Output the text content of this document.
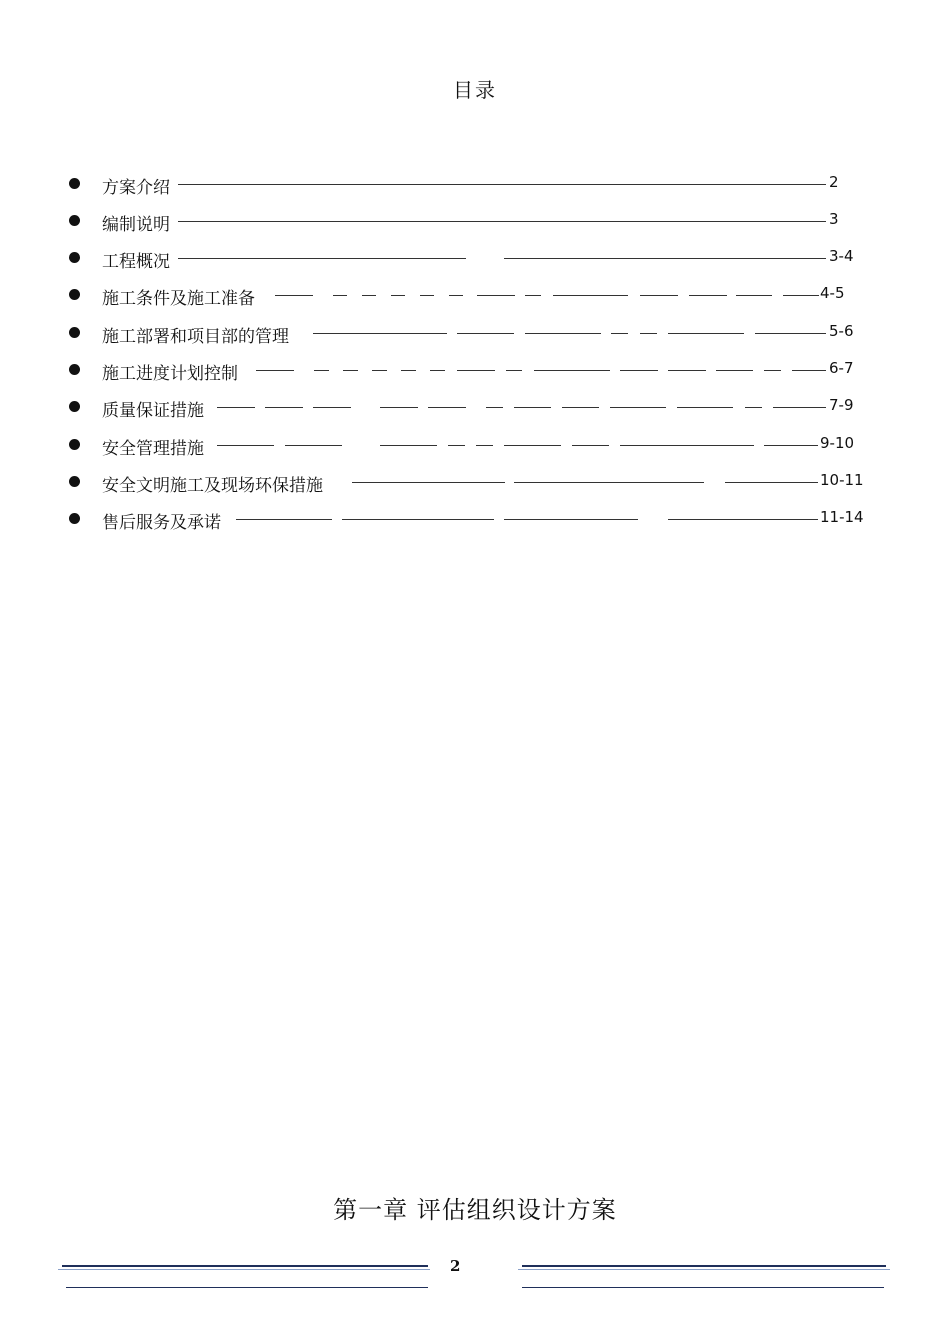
目录
方案介绍	2
编制说明	3
工程概况	3-4
施工条件及施工准备	4-5
施工部署和项目部的管理	5-6
施工进度计划控制	6-7
质量保证措施	7-9
安全管理措施	9-10
安全文明施工及现场环保措施	10-11
售后服务及承诺	11-14
第一章 评估组织设计方案
2
